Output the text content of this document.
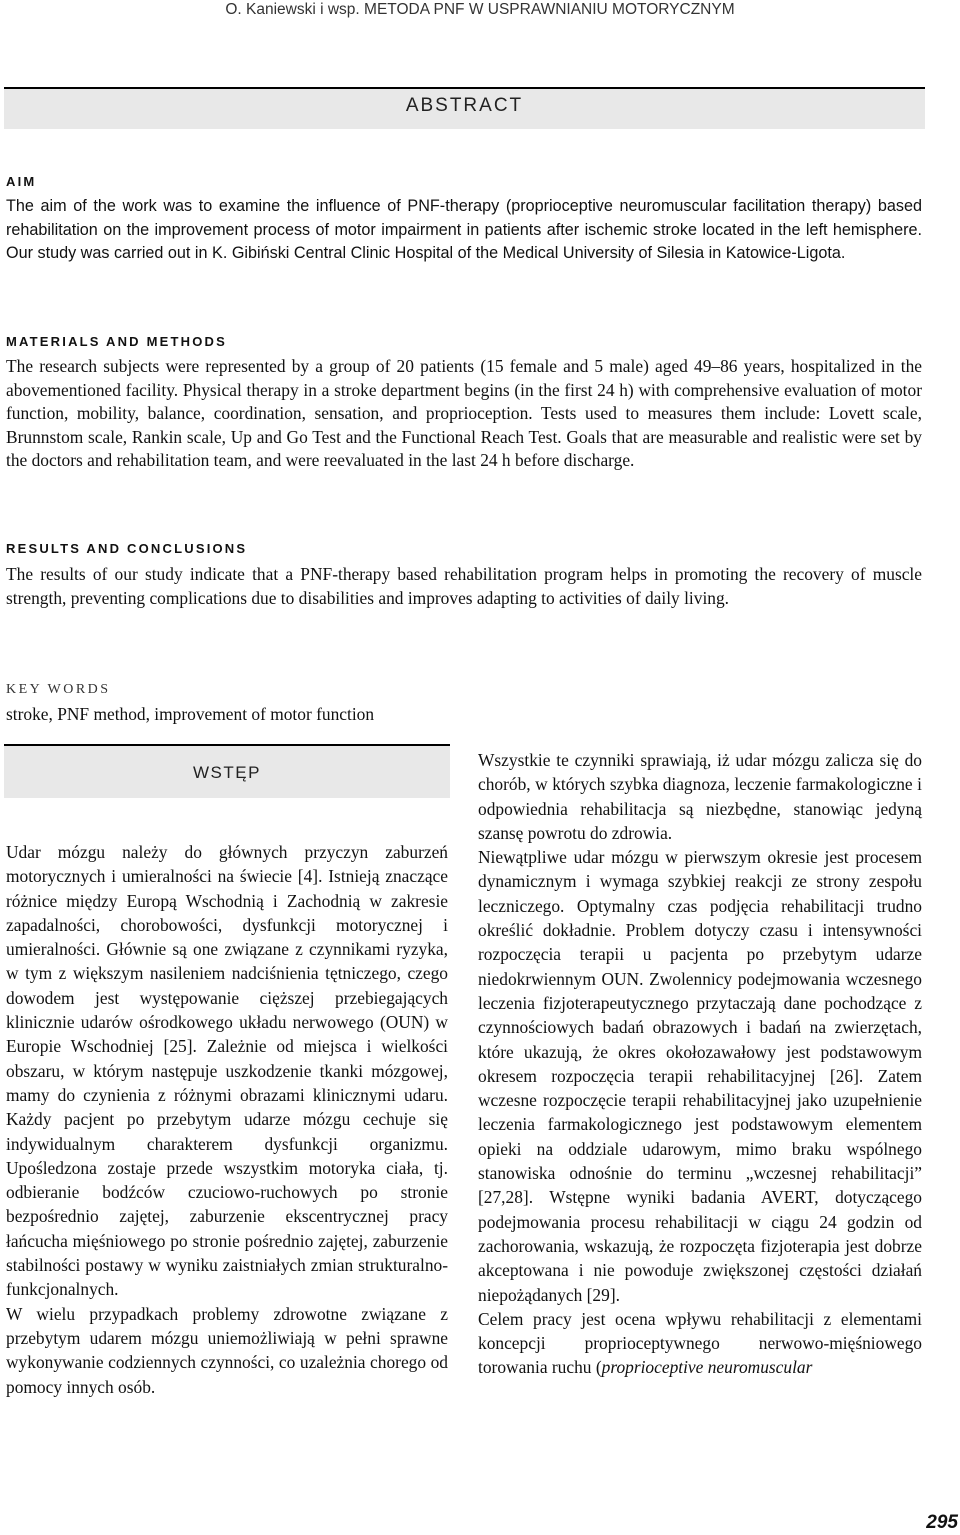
O. Kaniewski i wsp. METODA PNF W USPRAWNIANIU MOTORYCZNYM
ABSTRACT
AIM

The aim of the work was to examine the influence of PNF-therapy (proprioceptive neuromuscular facilitation therapy) based rehabilitation on the improvement process of motor impairment in patients after ischemic stroke located in the left hemisphere. Our study was carried out in K. Gibiński Central Clinic Hospital of the Medical University of Silesia in Katowice-Ligota.

MATERIALS AND METHODS

The research subjects were represented by a group of 20 patients (15 female and 5 male) aged 49–86 years, hospitalized in the abovementioned facility. Physical therapy in a stroke department begins (in the first 24 h) with comprehensive evaluation of motor function, mobility, balance, coordination, sensation, and proprioception. Tests used to measures them include: Lovett scale, Brunnstom scale, Rankin scale, Up and Go Test and the Functional Reach Test. Goals that are measurable and realistic were set by the doctors and rehabilitation team, and were reevaluated in the last 24 h before discharge.

RESULTS AND CONCLUSIONS

The results of our study indicate that a PNF-therapy based rehabilitation program helps in promoting the recovery of muscle strength, preventing complications due to disabilities and improves adapting to activities of daily living.

KEY WORDS
stroke, PNF method, improvement of motor function
WSTĘP

Udar mózgu należy do głównych przyczyn zaburzeń motorycznych i umieralności na świecie [4]. Istnieją znaczące różnice między Europą Wschodnią i Zachodnią w zakresie zapadalności, chorobowości, dysfunkcji motorycznej i umieralności. Głównie są one związane z czynnikami ryzyka, w tym z większym nasileniem nadciśnienia tętniczego, czego dowodem jest występowanie cięższej przebiegających klinicznie udarów ośrodkowego układu nerwowego (OUN) w Europie Wschodniej [25]. Zależnie od miejsca i wielkości obszaru, w którym następuje uszkodzenie tkanki mózgowej, mamy do czynienia z różnymi obrazami klinicznymi udaru. Każdy pacjent po przebytym udarze mózgu cechuje się indywidualnym charakterem dysfunkcji organizmu. Upośledzona zostaje przede wszystkim motoryka ciała, tj. odbieranie bodźców czuciowo-ruchowych po stronie bezpośrednio zajętej, zaburzenie ekscentrycznej pracy łańcucha mięśniowego po stronie pośrednio zajętej, zaburzenie stabilności postawy w wyniku zaistniałych zmian strukturalno-funkcjonalnych.

W wielu przypadkach problemy zdrowotne związane z przebytym udarem mózgu uniemożliwiają w pełni sprawne wykonywanie codziennych czynności, co uzależnia chorego od pomocy innych osób.

Wszystkie te czynniki sprawiają, iż udar mózgu zalicza się do chorób, w których szybka diagnoza, leczenie farmakologiczne i odpowiednia rehabilitacja są niezbędne, stanowiąc jedyną szansę powrotu do zdrowia.

Niewątpliwe udar mózgu w pierwszym okresie jest procesem dynamicznym i wymaga szybkiej reakcji ze strony zespołu leczniczego. Optymalny czas podjęcia rehabilitacji trudno określić dokładnie. Problem dotyczy czasu i intensywności rozpoczęcia terapii u pacjenta po przebytym udarze niedokrwiennym OUN. Zwolennicy podejmowania wczesnego leczenia fizjoterapeutycznego przytaczają dane pochodzące z czynnościowych badań obrazowych i badań na zwierzętach, które ukazują, że okres okołozawałowy jest podstawowym okresem rozpoczęcia terapii rehabilitacyjnej [26]. Zatem wczesne rozpoczęcie terapii rehabilitacyjnej jako uzupełnienie leczenia farmakologicznego jest podstawowym elementem opieki na oddziale udarowym, mimo braku wspólnego stanowiska odnośnie do terminu „wczesnej rehabilitacji” [27,28]. Wstępne wyniki badania AVERT, dotyczącego podejmowania procesu rehabilitacji w ciągu 24 godzin od zachorowania, wskazują, że rozpoczęta fizjoterapia jest dobrze akceptowana i nie powoduje zwiększonej częstości działań niepożądanych [29].

Celem pracy jest ocena wpływu rehabilitacji z elementami koncepcji proprioceptywnego nerwowo-mięśniowego torowania ruchu (proprioceptive neuromuscular

295
